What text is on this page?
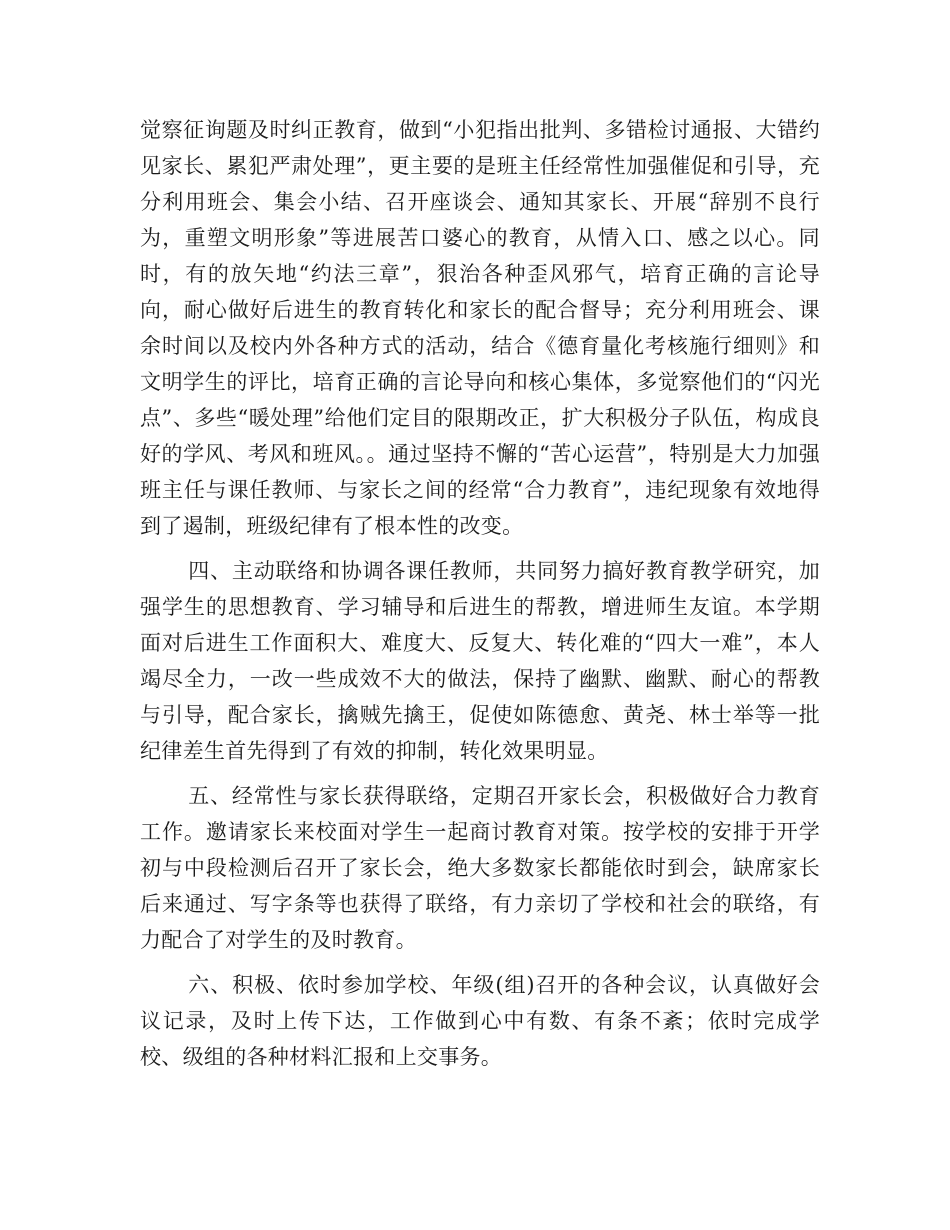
觉察征询题及时纠正教育，做到“小犯指出批判、多错检讨通报、大错约见家长、累犯严肃处理”，更主要的是班主任经常性加强催促和引导，充分利用班会、集会小结、召开座谈会、通知其家长、开展“辞别不良行为，重塑文明形象”等进展苦口婆心的教育，从情入口、感之以心。同时，有的放矢地“约法三章”，狠治各种歪风邪气，培育正确的言论导向，耐心做好后进生的教育转化和家长的配合督导；充分利用班会、课余时间以及校内外各种方式的活动，结合《德育量化考核施行细则》和文明学生的评比，培育正确的言论导向和核心集体，多觉察他们的“闪光点”、多些“暖处理”给他们定目的限期改正，扩大积极分子队伍，构成良好的学风、考风和班风。。通过坚持不懈的“苦心运营”，特别是大力加强班主任与课任教师、与家长之间的经常“合力教育”，违纪现象有效地得到了遏制，班级纪律有了根本性的改变。

四、主动联络和协调各课任教师，共同努力搞好教育教学研究，加强学生的思想教育、学习辅导和后进生的帮教，增进师生友谊。本学期面对后进生工作面积大、难度大、反复大、转化难的“四大一难”，本人竭尽全力，一改一些成效不大的做法，保持了幽默、幽默、耐心的帮教与引导，配合家长，擒贼先擒王，促使如陈德愈、黄尧、林士举等一批纪律差生首先得到了有效的抑制，转化效果明显。

五、经常性与家长获得联络，定期召开家长会，积极做好合力教育工作。邀请家长来校面对学生一起商讨教育对策。按学校的安排于开学初与中段检测后召开了家长会，绝大多数家长都能依时到会，缺席家长后来通过、写字条等也获得了联络，有力亲切了学校和社会的联络，有力配合了对学生的及时教育。

六、积极、依时参加学校、年级(组)召开的各种会议，认真做好会议记录，及时上传下达，工作做到心中有数、有条不紊；依时完成学校、级组的各种材料汇报和上交事务。
